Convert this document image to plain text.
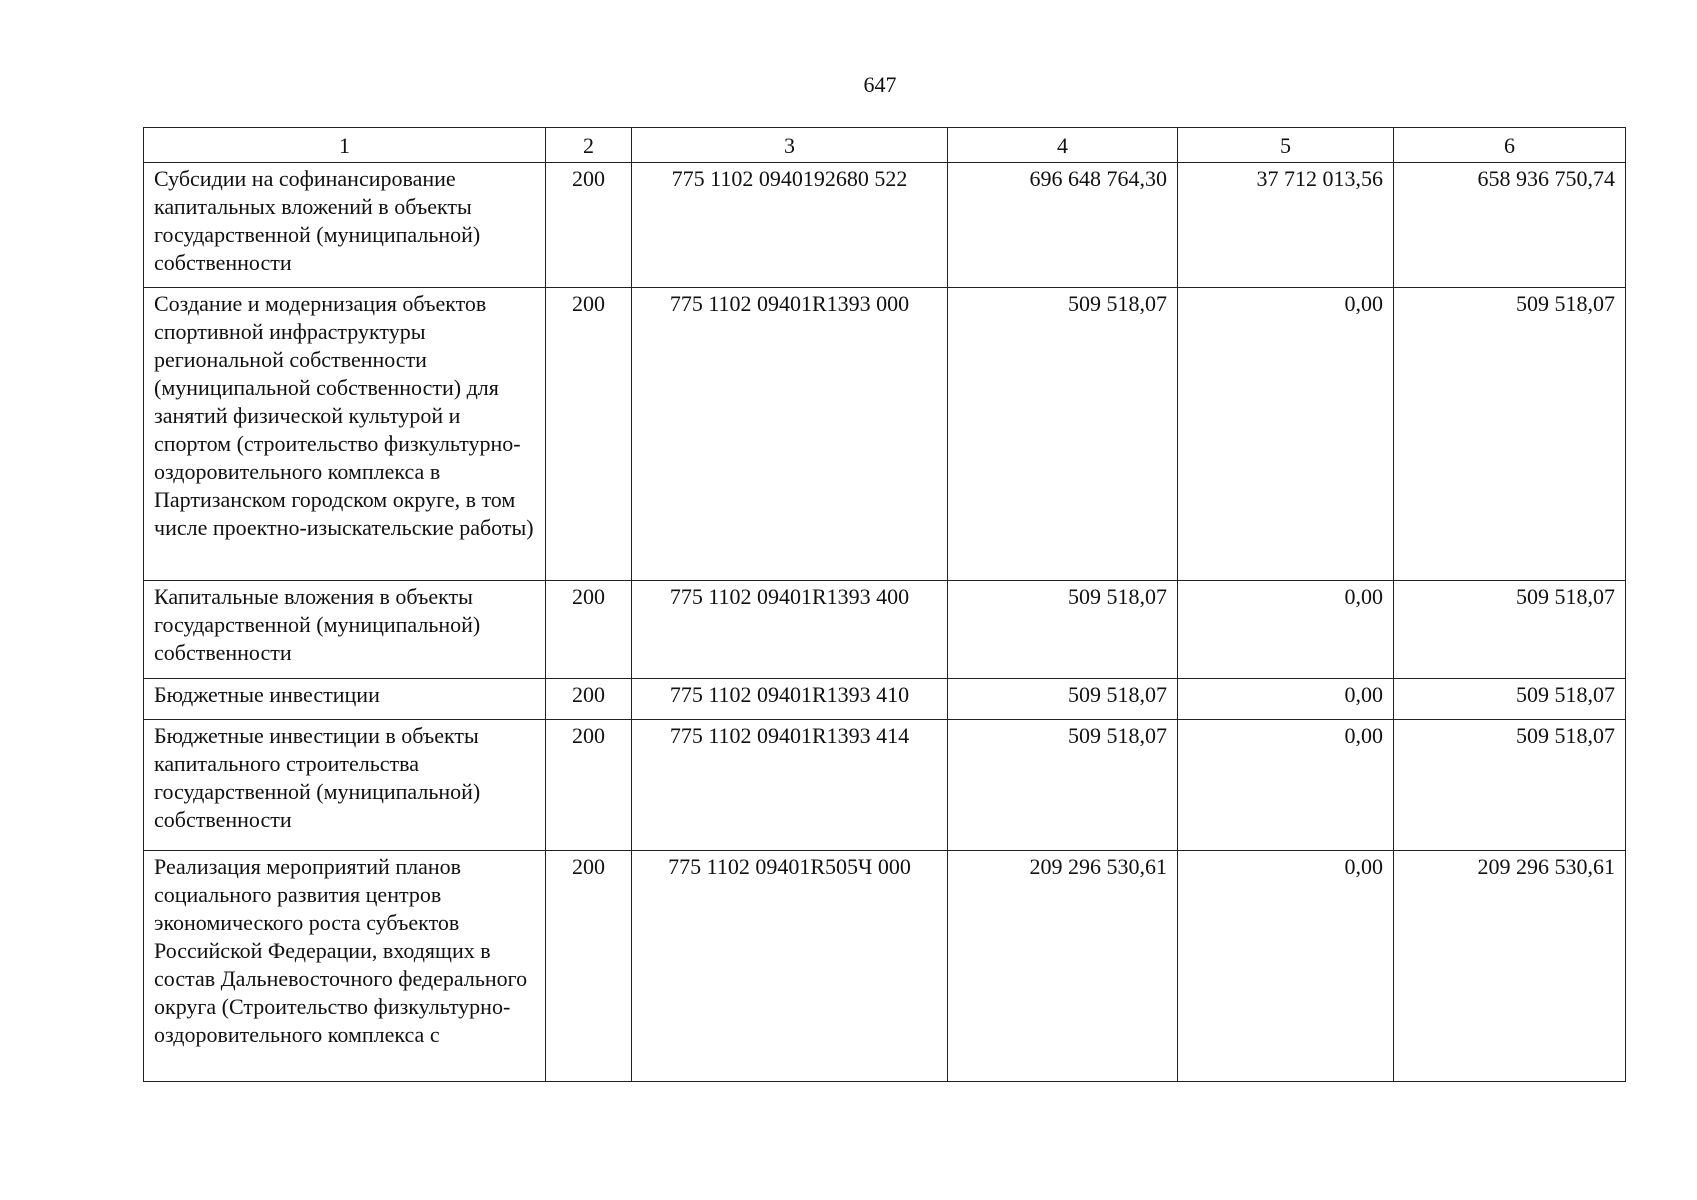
647
1	2	3	4	5	6
Субсидии на софинансирование капитальных вложений в объекты государственной (муниципальной) собственности	200	775 1102 0940192680 522	696 648 764,30	37 712 013,56	658 936 750,74
Создание и модернизация объектов спортивной инфраструктуры региональной собственности (муниципальной собственности) для занятий физической культурой и спортом (строительство физкультурно-оздоровительного комплекса в Партизанском городском округе, в том числе проектно-изыскательские работы)	200	775 1102 09401R1393 000	509 518,07	0,00	509 518,07
Капитальные вложения в объекты государственной (муниципальной) собственности	200	775 1102 09401R1393 400	509 518,07	0,00	509 518,07
Бюджетные инвестиции	200	775 1102 09401R1393 410	509 518,07	0,00	509 518,07
Бюджетные инвестиции в объекты капитального строительства государственной (муниципальной) собственности	200	775 1102 09401R1393 414	509 518,07	0,00	509 518,07
Реализация мероприятий планов социального развития центров экономического роста субъектов Российской Федерации, входящих в состав Дальневосточного федерального округа (Строительство физкультурно-оздоровительного комплекса с	200	775 1102 09401R505Ч 000	209 296 530,61	0,00	209 296 530,61
